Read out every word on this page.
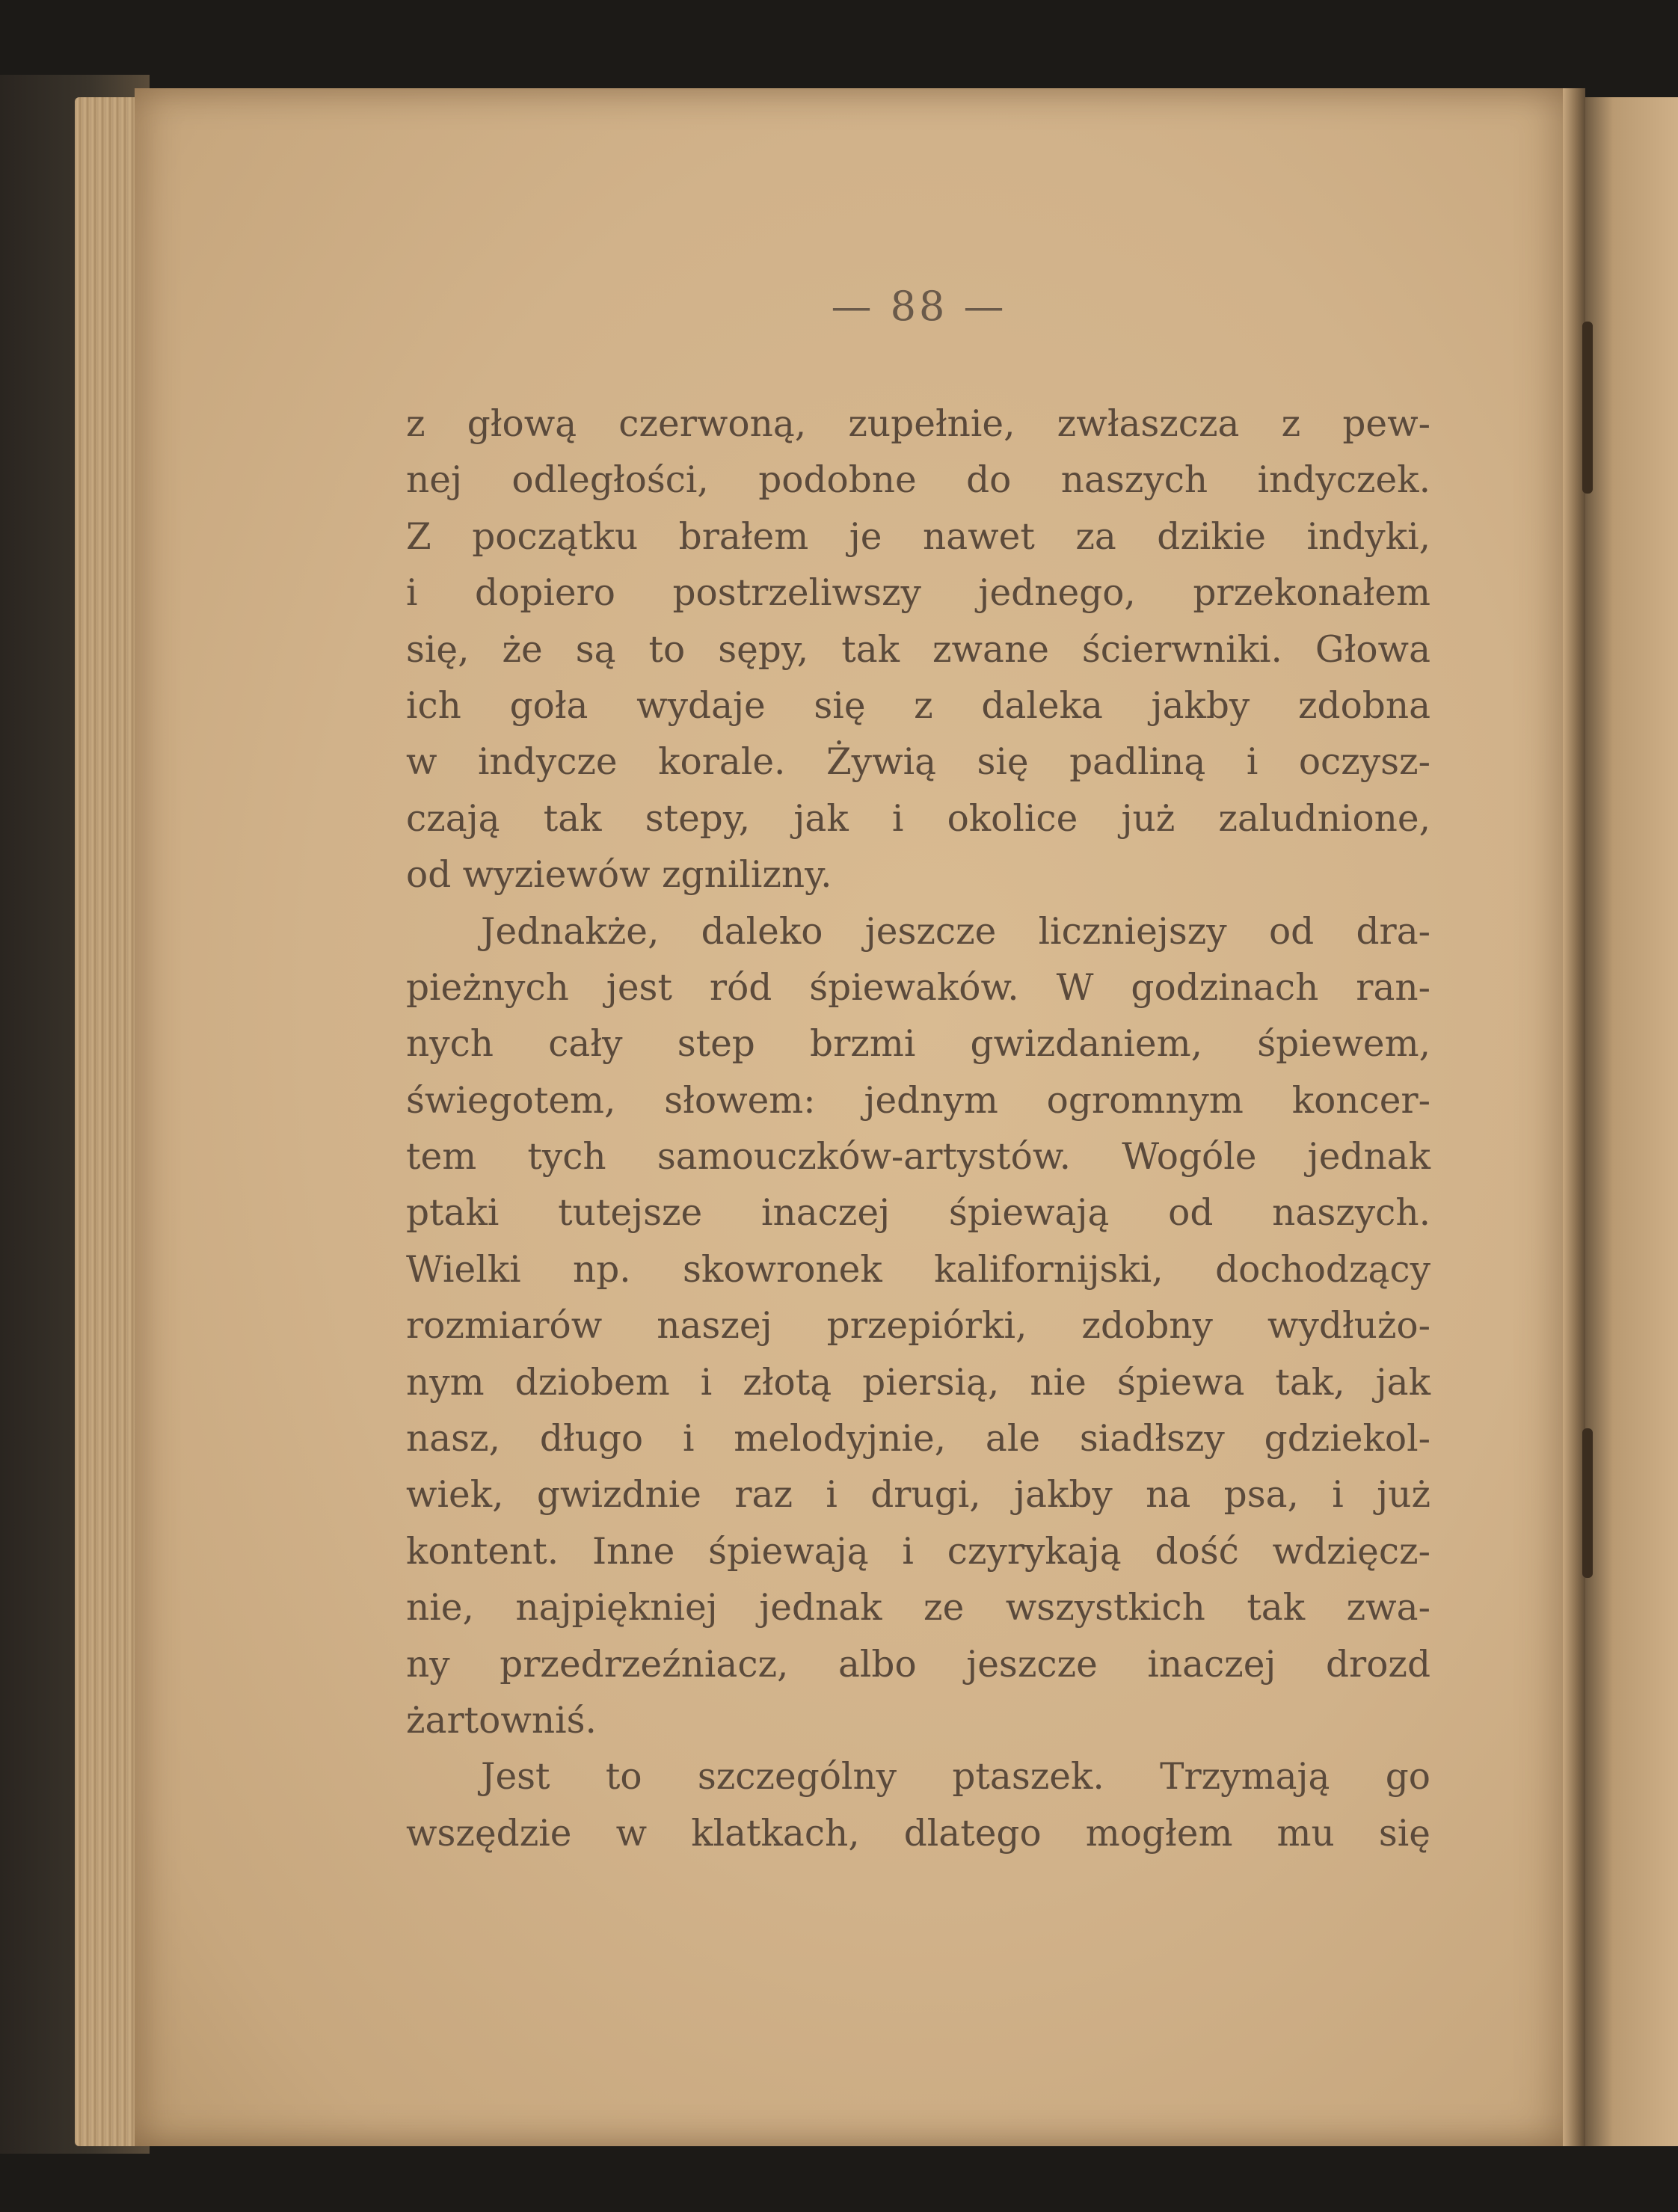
— 88 —
z głową czerwoną, zupełnie, zwłaszcza z pew-
nej odległości, podobne do naszych indyczek.
Z początku brałem je nawet za dzikie indyki,
i dopiero postrzeliwszy jednego, przekonałem
się, że są to sępy, tak zwane ścierwniki. Głowa
ich goła wydaje się z daleka jakby zdobna
w indycze korale. Żywią się padliną i oczysz-
czają tak stepy, jak i okolice już zaludnione,
od wyziewów zgnilizny.
Jednakże, daleko jeszcze liczniejszy od dra-
pieżnych jest ród śpiewaków. W godzinach ran-
nych cały step brzmi gwizdaniem, śpiewem,
świegotem, słowem: jednym ogromnym koncer-
tem tych samouczków-artystów. Wogóle jednak
ptaki tutejsze inaczej śpiewają od naszych.
Wielki np. skowronek kalifornijski, dochodzący
rozmiarów naszej przepiórki, zdobny wydłużo-
nym dziobem i złotą piersią, nie śpiewa tak, jak
nasz, długo i melodyjnie, ale siadłszy gdziekol-
wiek, gwizdnie raz i drugi, jakby na psa, i już
kontent. Inne śpiewają i czyrykają dość wdzięcz-
nie, najpiękniej jednak ze wszystkich tak zwa-
ny przedrzeźniacz, albo jeszcze inaczej drozd
żartowniś.
Jest to szczególny ptaszek. Trzymają go
wszędzie w klatkach, dlatego mogłem mu się
